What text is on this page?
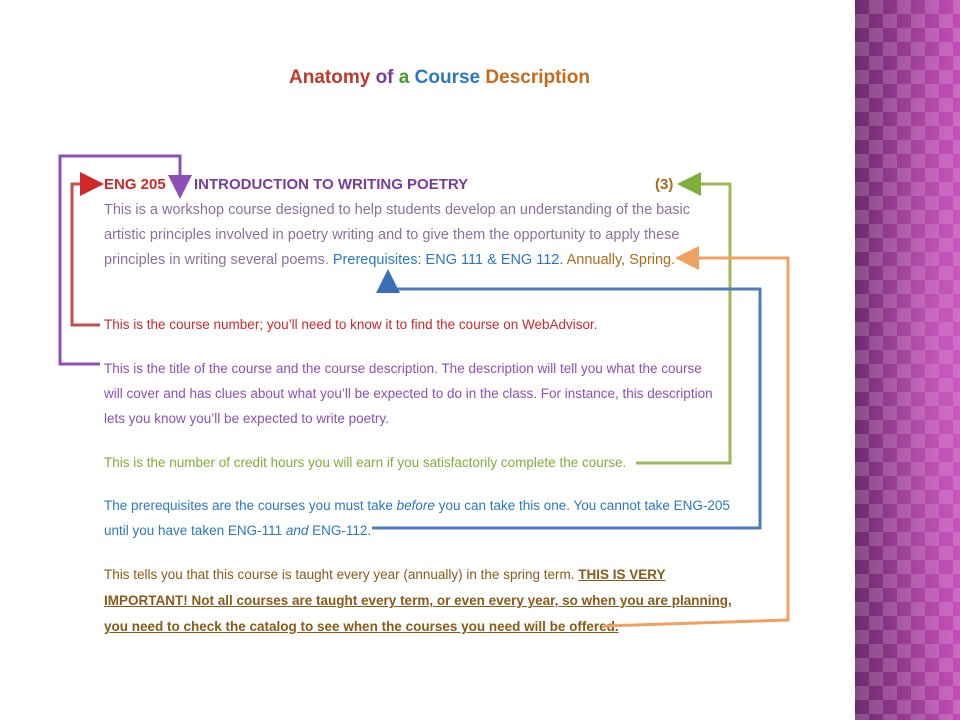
Anatomy of a Course Description
ENG 205 INTRODUCTION TO WRITING POETRY	(3)
This is a workshop course designed to help students develop an understanding of the basic
artistic principles involved in poetry writing and to give them the opportunity to apply these
principles in writing several poems. Prerequisites: ENG 111 & ENG 112. Annually, Spring.
This is the course number; you’ll need to know it to find the course on WebAdvisor.
This is the title of the course and the course description. The description will tell you what the course
will cover and has clues about what you’ll be expected to do in the class. For instance, this description
lets you know you’ll be expected to write poetry.
This is the number of credit hours you will earn if you satisfactorily complete the course.
The prerequisites are the courses you must take before you can take this one. You cannot take ENG-205
until you have taken ENG-111 and ENG-112.
This tells you that this course is taught every year (annually) in the spring term. THIS IS VERY
IMPORTANT! Not all courses are taught every term, or even every year, so when you are planning,
you need to check the catalog to see when the courses you need will be offered.
